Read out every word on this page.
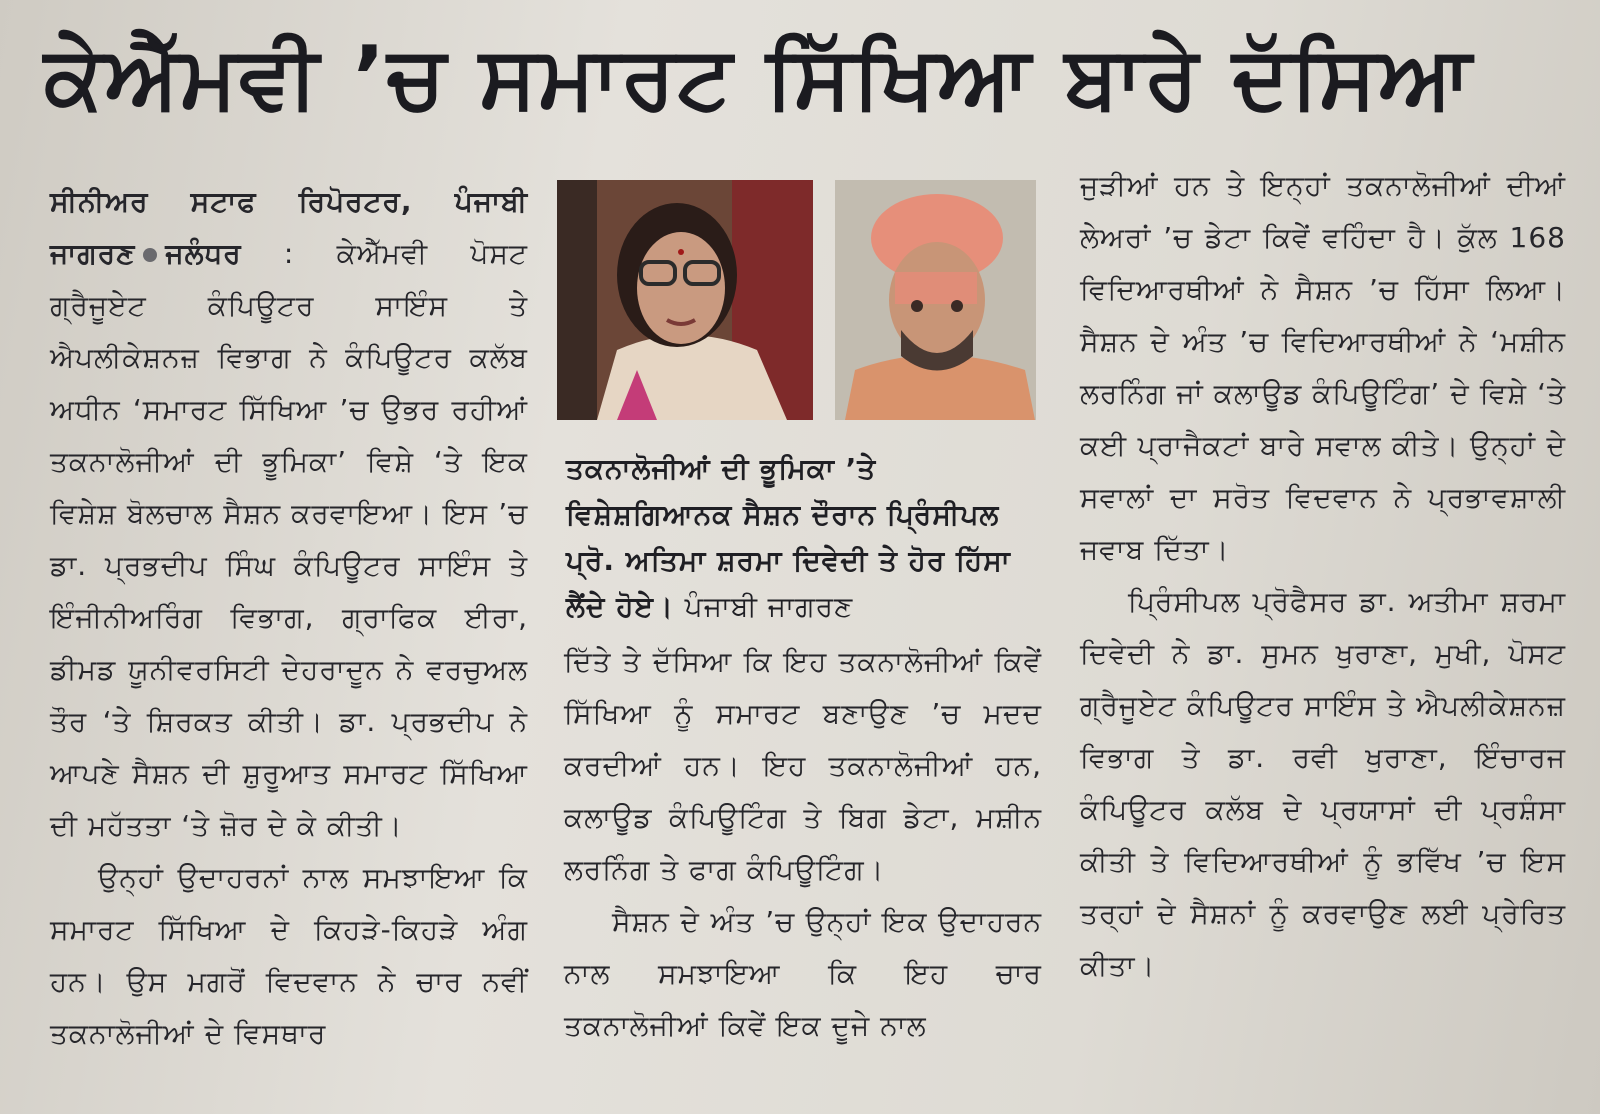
ਕੇਐੱਮਵੀ ’ਚ ਸਮਾਰਟ ਸਿੱਖਿਆ ਬਾਰੇ ਦੱਸਿਆ

ਸੀਨੀਅਰ ਸਟਾਫ ਰਿਪੋਰਟਰ, ਪੰਜਾਬੀ ਜਾਗਰਣ ਜਲੰਧਰ : ਕੇਐੱਮਵੀ ਪੋਸਟ ਗ੍ਰੈਜੂਏਟ ਕੰਪਿਊਟਰ ਸਾਇੰਸ ਤੇ ਐਪਲੀਕੇਸ਼ਨਜ਼ ਵਿਭਾਗ ਨੇ ਕੰਪਿਊਟਰ ਕਲੱਬ ਅਧੀਨ ‘ਸਮਾਰਟ ਸਿੱਖਿਆ ’ਚ ਉਭਰ ਰਹੀਆਂ ਤਕਨਾਲੋਜੀਆਂ ਦੀ ਭੂਮਿਕਾ’ ਵਿਸ਼ੇ ‘ਤੇ ਇਕ ਵਿਸ਼ੇਸ਼ ਬੋਲਚਾਲ ਸੈਸ਼ਨ ਕਰਵਾਇਆ। ਇਸ ’ਚ ਡਾ. ਪ੍ਰਭਦੀਪ ਸਿੰਘ ਕੰਪਿਊਟਰ ਸਾਇੰਸ ਤੇ ਇੰਜੀਨੀਅਰਿੰਗ ਵਿਭਾਗ, ਗ੍ਰਾਫਿਕ ਈਰਾ, ਡੀਮਡ ਯੂਨੀਵਰਸਿਟੀ ਦੇਹਰਾਦੂਨ ਨੇ ਵਰਚੁਅਲ ਤੌਰ ‘ਤੇ ਸ਼ਿਰਕਤ ਕੀਤੀ। ਡਾ. ਪ੍ਰਭਦੀਪ ਨੇ ਆਪਣੇ ਸੈਸ਼ਨ ਦੀ ਸ਼ੁਰੂਆਤ ਸਮਾਰਟ ਸਿੱਖਿਆ ਦੀ ਮਹੱਤਤਾ ‘ਤੇ ਜ਼ੋਰ ਦੇ ਕੇ ਕੀਤੀ।

ਉਨ੍ਹਾਂ ਉਦਾਹਰਨਾਂ ਨਾਲ ਸਮਝਾਇਆ ਕਿ ਸਮਾਰਟ ਸਿੱਖਿਆ ਦੇ ਕਿਹੜੇ-ਕਿਹੜੇ ਅੰਗ ਹਨ। ਉਸ ਮਗਰੋਂ ਵਿਦਵਾਨ ਨੇ ਚਾਰ ਨਵੀਂ ਤਕਨਾਲੋਜੀਆਂ ਦੇ ਵਿਸਥਾਰ

ਤਕਨਾਲੋਜੀਆਂ ਦੀ ਭੂਮਿਕਾ ’ਤੇ ਵਿਸ਼ੇਸ਼ਗਿਆਨਕ ਸੈਸ਼ਨ ਦੌਰਾਨ ਪ੍ਰਿੰਸੀਪਲ ਪ੍ਰੋ. ਅਤਿਮਾ ਸ਼ਰਮਾ ਦਿਵੇਦੀ ਤੇ ਹੋਰ ਹਿੱਸਾ ਲੈਂਦੇ ਹੋਏ। ਪੰਜਾਬੀ ਜਾਗਰਣ

ਦਿੱਤੇ ਤੇ ਦੱਸਿਆ ਕਿ ਇਹ ਤਕਨਾਲੋਜੀਆਂ ਕਿਵੇਂ ਸਿੱਖਿਆ ਨੂੰ ਸਮਾਰਟ ਬਣਾਉਣ ’ਚ ਮਦਦ ਕਰਦੀਆਂ ਹਨ। ਇਹ ਤਕਨਾਲੋਜੀਆਂ ਹਨ, ਕਲਾਊਡ ਕੰਪਿਊਟਿੰਗ ਤੇ ਬਿਗ ਡੇਟਾ, ਮਸ਼ੀਨ ਲਰਨਿੰਗ ਤੇ ਫਾਗ ਕੰਪਿਊਟਿੰਗ।

ਸੈਸ਼ਨ ਦੇ ਅੰਤ ’ਚ ਉਨ੍ਹਾਂ ਇਕ ਉਦਾਹਰਨ ਨਾਲ ਸਮਝਾਇਆ ਕਿ ਇਹ ਚਾਰ ਤਕਨਾਲੋਜੀਆਂ ਕਿਵੇਂ ਇਕ ਦੂਜੇ ਨਾਲ

ਜੁੜੀਆਂ ਹਨ ਤੇ ਇਨ੍ਹਾਂ ਤਕਨਾਲੋਜੀਆਂ ਦੀਆਂ ਲੇਅਰਾਂ ’ਚ ਡੇਟਾ ਕਿਵੇਂ ਵਹਿੰਦਾ ਹੈ। ਕੁੱਲ 168 ਵਿਦਿਆਰਥੀਆਂ ਨੇ ਸੈਸ਼ਨ ’ਚ ਹਿੱਸਾ ਲਿਆ। ਸੈਸ਼ਨ ਦੇ ਅੰਤ ’ਚ ਵਿਦਿਆਰਥੀਆਂ ਨੇ ‘ਮਸ਼ੀਨ ਲਰਨਿੰਗ ਜਾਂ ਕਲਾਊਡ ਕੰਪਿਊਟਿੰਗ’ ਦੇ ਵਿਸ਼ੇ ‘ਤੇ ਕਈ ਪ੍ਰਾਜੈਕਟਾਂ ਬਾਰੇ ਸਵਾਲ ਕੀਤੇ। ਉਨ੍ਹਾਂ ਦੇ ਸਵਾਲਾਂ ਦਾ ਸਰੋਤ ਵਿਦਵਾਨ ਨੇ ਪ੍ਰਭਾਵਸ਼ਾਲੀ ਜਵਾਬ ਦਿੱਤਾ।

ਪ੍ਰਿੰਸੀਪਲ ਪ੍ਰੋਫੈਸਰ ਡਾ. ਅਤੀਮਾ ਸ਼ਰਮਾ ਦਿਵੇਦੀ ਨੇ ਡਾ. ਸੁਮਨ ਖੁਰਾਣਾ, ਮੁਖੀ, ਪੋਸਟ ਗ੍ਰੈਜੂਏਟ ਕੰਪਿਊਟਰ ਸਾਇੰਸ ਤੇ ਐਪਲੀਕੇਸ਼ਨਜ਼ ਵਿਭਾਗ ਤੇ ਡਾ. ਰਵੀ ਖੁਰਾਣਾ, ਇੰਚਾਰਜ ਕੰਪਿਊਟਰ ਕਲੱਬ ਦੇ ਪ੍ਰਯਾਸਾਂ ਦੀ ਪ੍ਰਸ਼ੰਸਾ ਕੀਤੀ ਤੇ ਵਿਦਿਆਰਥੀਆਂ ਨੂੰ ਭਵਿੱਖ ’ਚ ਇਸ ਤਰ੍ਹਾਂ ਦੇ ਸੈਸ਼ਨਾਂ ਨੂੰ ਕਰਵਾਉਣ ਲਈ ਪ੍ਰੇਰਿਤ ਕੀਤਾ।
